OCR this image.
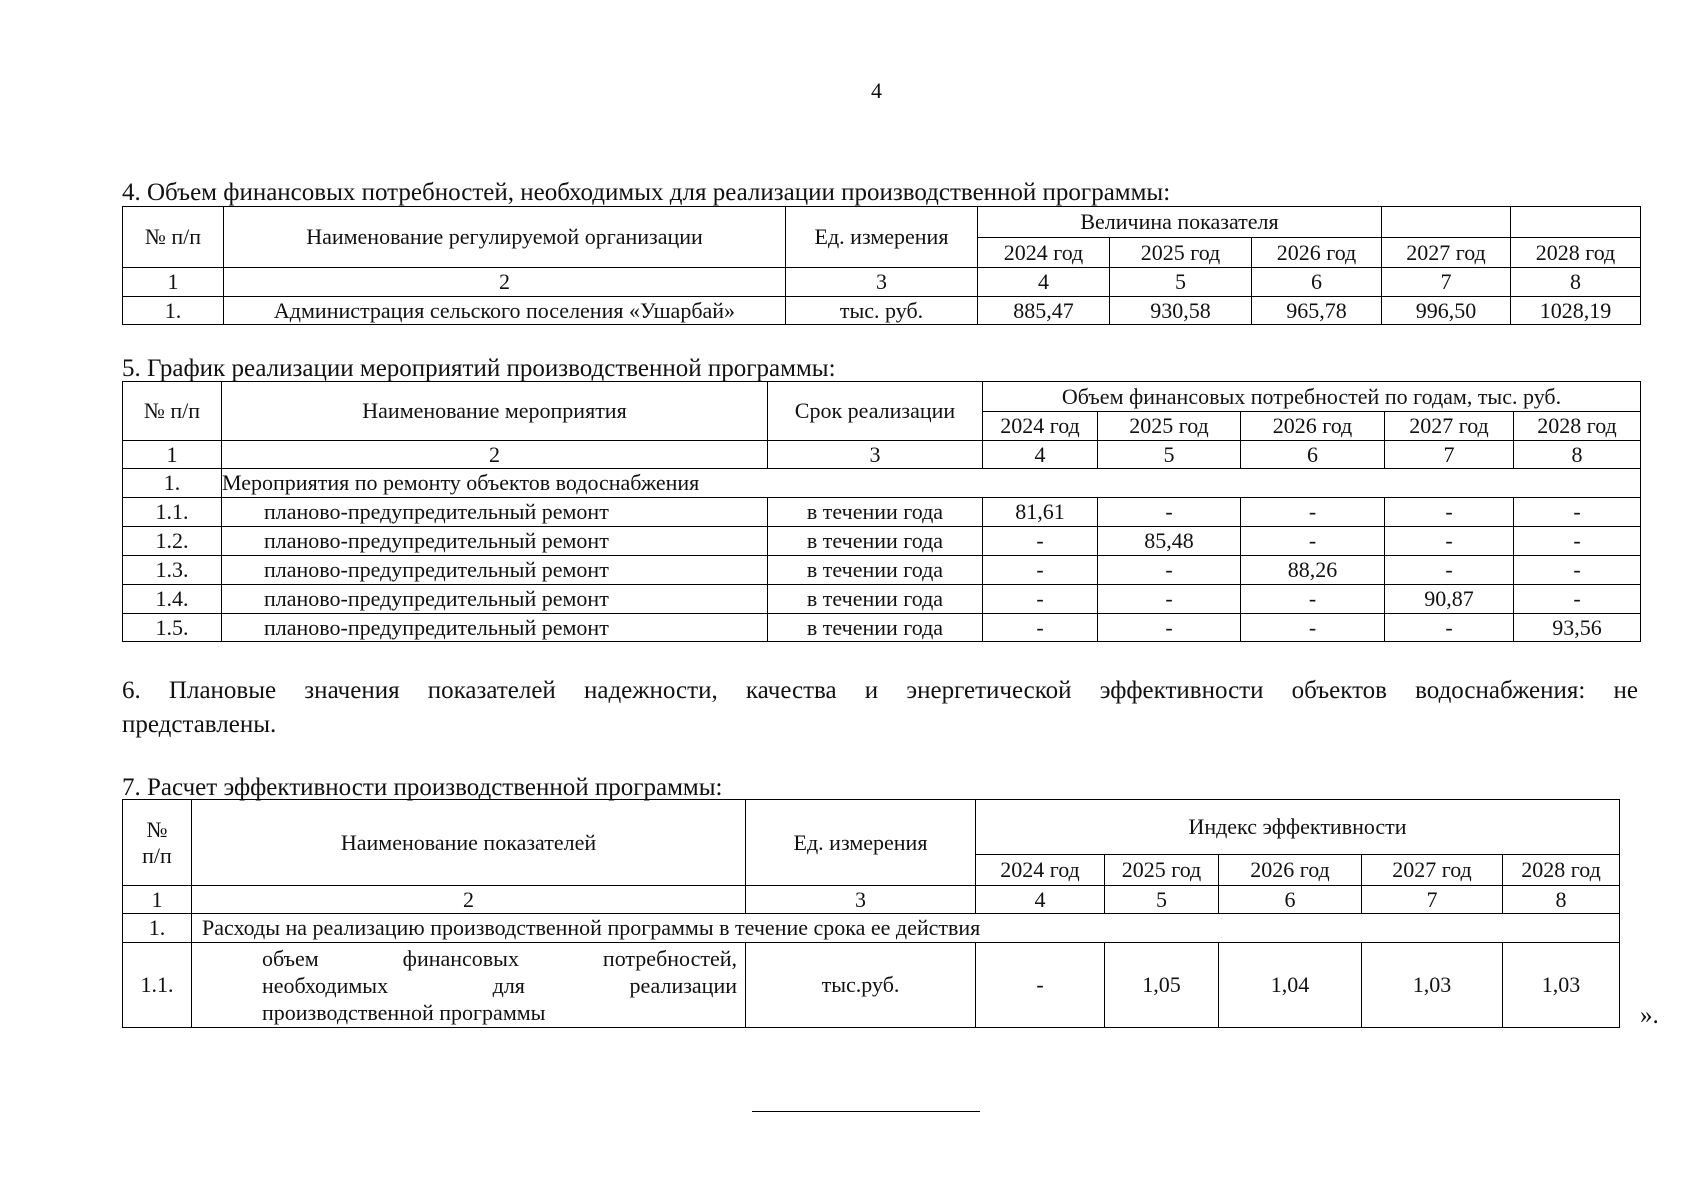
4
4. Объем финансовых потребностей, необходимых для реализации производственной программы:
№ п/п	Наименование регулируемой организации	Ед. измерения	Величина показателя				
			2024 год	2025 год	2026 год	2027 год	2028 год
1	2	3	4	5	6	7	8
1.	Администрация сельского поселения «Ушарбай»	тыс. руб.	885,47	930,58	965,78	996,50	1028,19
5. График реализации мероприятий производственной программы:
№ п/п	Наименование мероприятия	Срок реализации	Объем финансовых потребностей по годам, тыс. руб.				
			2024 год	2025 год	2026 год	2027 год	2028 год
1	2	3	4	5	6	7	8
1.	Мероприятия по ремонту объектов водоснабжения						
1.1.	планово-предупредительный ремонт	в течении года	81,61	-	-	-	-
1.2.	планово-предупредительный ремонт	в течении года	-	85,48	-	-	-
1.3.	планово-предупредительный ремонт	в течении года	-	-	88,26	-	-
1.4.	планово-предупредительный ремонт	в течении года	-	-	-	90,87	-
1.5.	планово-предупредительный ремонт	в течении года	-	-	-	-	93,56
6. Плановые значения показателей надежности, качества и энергетической эффективности объектов водоснабжения: не
представлены.
7. Расчет эффективности производственной программы:
№
п/п	Наименование показателей	Ед. измерения	Индекс эффективности				
			2024 год	2025 год	2026 год	2027 год	2028 год
1	2	3	4	5	6	7	8
1.	Расходы на реализацию производственной программы в течение срока ее действия						
1.1.	объем финансовых потребностей,
необходимых для реализации
производственной программы	тыс.руб.	-	1,05	1,04	1,03	1,03
».
